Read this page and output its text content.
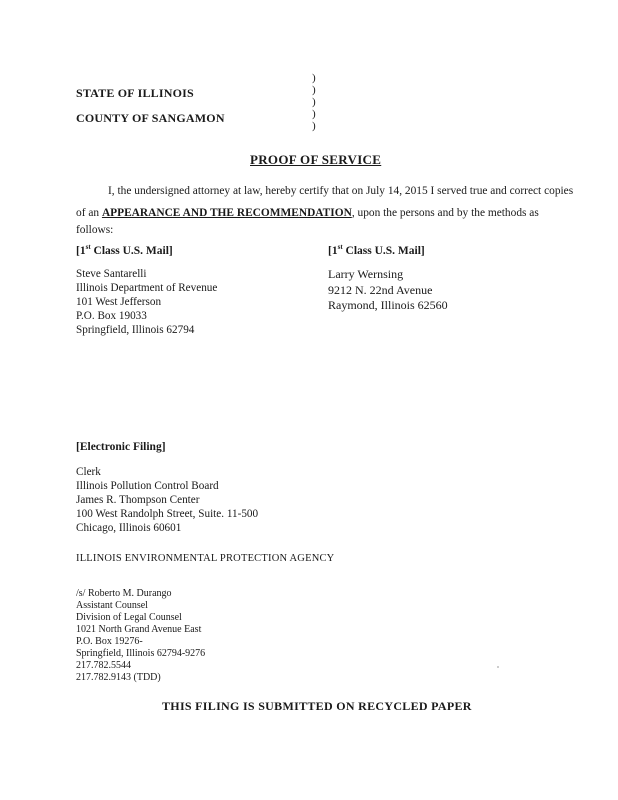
STATE OF ILLINOIS
COUNTY OF SANGAMON
)
)
)
)
)
PROOF OF SERVICE
I, the undersigned attorney at law, hereby certify that on July 14, 2015 I served true and correct copies
of an APPEARANCE AND THE RECOMMENDATION, upon the persons and by the methods as
follows:
[1st Class U.S. Mail]
Steve Santarelli
Illinois Department of Revenue
101 West Jefferson
P.O. Box 19033
Springfield, Illinois 62794
[1st Class U.S. Mail]
Larry Wernsing
9212 N. 22nd Avenue
Raymond, Illinois 62560
[Electronic Filing]
Clerk
Illinois Pollution Control Board
James R. Thompson Center
100 West Randolph Street, Suite. 11-500
Chicago, Illinois 60601
ILLINOIS ENVIRONMENTAL PROTECTION AGENCY
/s/ Roberto M. Durango
Assistant Counsel
Division of Legal Counsel
1021 North Grand Avenue East
P.O. Box 19276-
Springfield, Illinois 62794-9276
217.782.5544
217.782.9143 (TDD)
THIS FILING IS SUBMITTED ON RECYCLED PAPER
